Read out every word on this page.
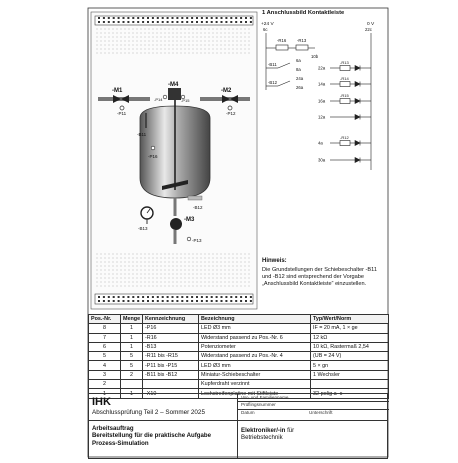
-M1
-P11
-M2
-P12
-M4
-P14	-P15
-B11
-P16
-B12
-B13
-M3
-P13
1 Anschlussbild Kontaktleiste
+24 V
6c
0 V
22c
-R16 -R13
10b
-B11
6a
8a
-B12
24a
26a
22a
-R13
14a
-R14
16a
-R15
12a
4a
-R12
30a
Hinweis:
Die Grundstellungen der Schiebeschalter -B11 und -B12 sind entsprechend der Vorgabe „Anschlussbild Kontaktleiste“ einzustellen.
Pos.-Nr.	Menge	Kennzeichnung	Bezeichnung	Typ/Wert/Norm
8	1	-P16	LED Ø3 mm	IF = 20 mA, 1 × ge
7	1	-R16	Widerstand passend zu Pos.-Nr. 6	12 kΩ
6	1	-B13	Potenziometer	10 kΩ, Rastermaß 2,54
5	5	-R11 bis -R15	Widerstand passend zu Pos.-Nr. 4	(UB = 24 V)
4	5	-P11 bis -P15	LED Ø3 mm	5 × gn
3	2	-B11 bis -B12	Miniatur-Schiebeschalter	1 Wechsler
2			Kupferdraht verzinnt	
1	1	-X10	Lochstreifenplatine mit Stiftleiste	32-polig a–c
IHK
Abschlussprüfung Teil 2 – Sommer 2025
Vor- und Familienname
Prüflingsnummer
Datum	Unterschrift
Arbeitsauftrag
Bereitstellung für die praktische Aufgabe
Prozess-Simulation
Elektroniker/-in für
Betriebstechnik
